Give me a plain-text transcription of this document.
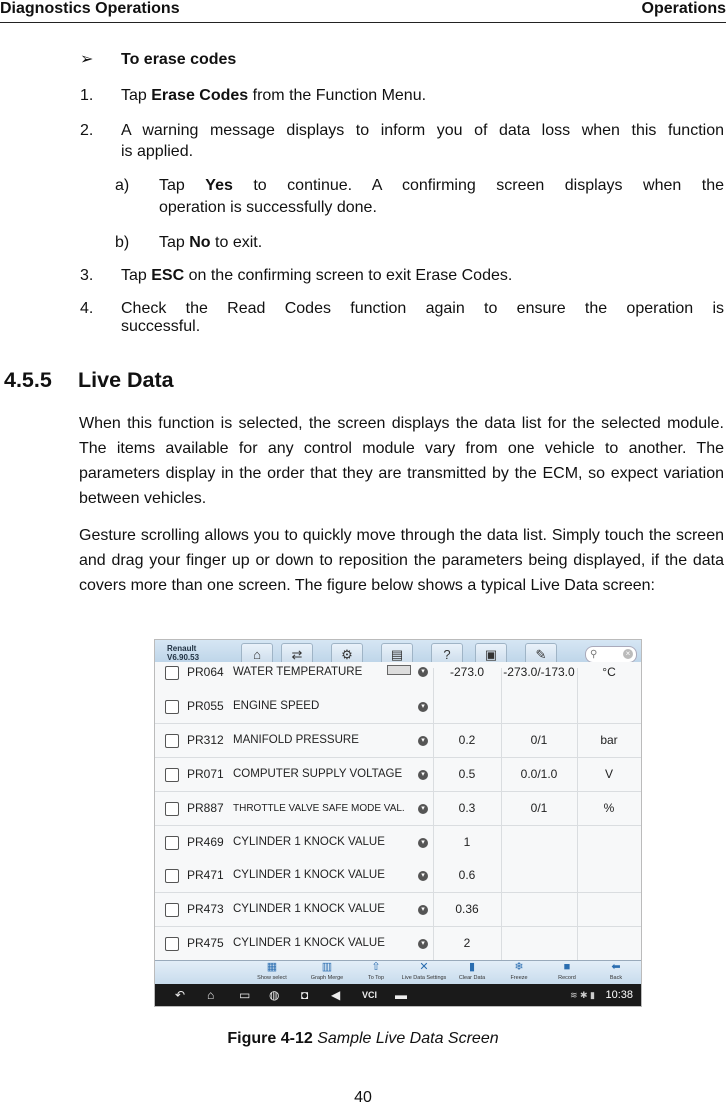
Diagnostics Operations	Operations
➢ To erase codes
1. Tap Erase Codes from the Function Menu.
2. A warning message displays to inform you of data loss when this function
is applied.
a) Tap Yes to continue. A confirming screen displays when the
operation is successfully done.
b) Tap No to exit.
3. Tap ESC on the confirming screen to exit Erase Codes.
4. Check the Read Codes function again to ensure the operation is
successful.
4.5.5 Live Data
When this function is selected, the screen displays the data list for the selected module. The items available for any control module vary from one vehicle to another. The parameters display in the order that they are transmitted by the ECM, so expect variation between vehicles.
Gesture scrolling allows you to quickly move through the data list. Simply touch the screen and drag your finger up or down to reposition the parameters being displayed, if the data covers more than one screen. The figure below shows a typical Live Data screen:
Renault
V6.90.53	⌂	⇄	⚙	▤	?	▣	✎	⚲	×
PR064 WATER TEMPERATURE	▾	-273.0	-273.0/-173.0	°C
PR055 ENGINE SPEED	▾
PR312 MANIFOLD PRESSURE	▾	0.2	0/1	bar
PR071 COMPUTER SUPPLY VOLTAGE	▾	0.5	0.0/1.0	V
PR887 THROTTLE VALVE SAFE MODE VAL.	▾	0.3	0/1	%
PR469 CYLINDER 1 KNOCK VALUE	▾	1
PR471 CYLINDER 1 KNOCK VALUE	▾	0.6
PR473 CYLINDER 1 KNOCK VALUE	▾	0.36
PR475 CYLINDER 1 KNOCK VALUE	▾	2
▦
Show select
▥
Graph Merge
⇧
To Top
✕
Live Data Settings
▮
Clear Data
❄
Freeze
■
Record
⬅
Back
↶ ⌂ ▭ ◍ ◘ ◀ VCI ▬	≋ ✱ ▮ 10:38
Figure 4-12 Sample Live Data Screen
40
